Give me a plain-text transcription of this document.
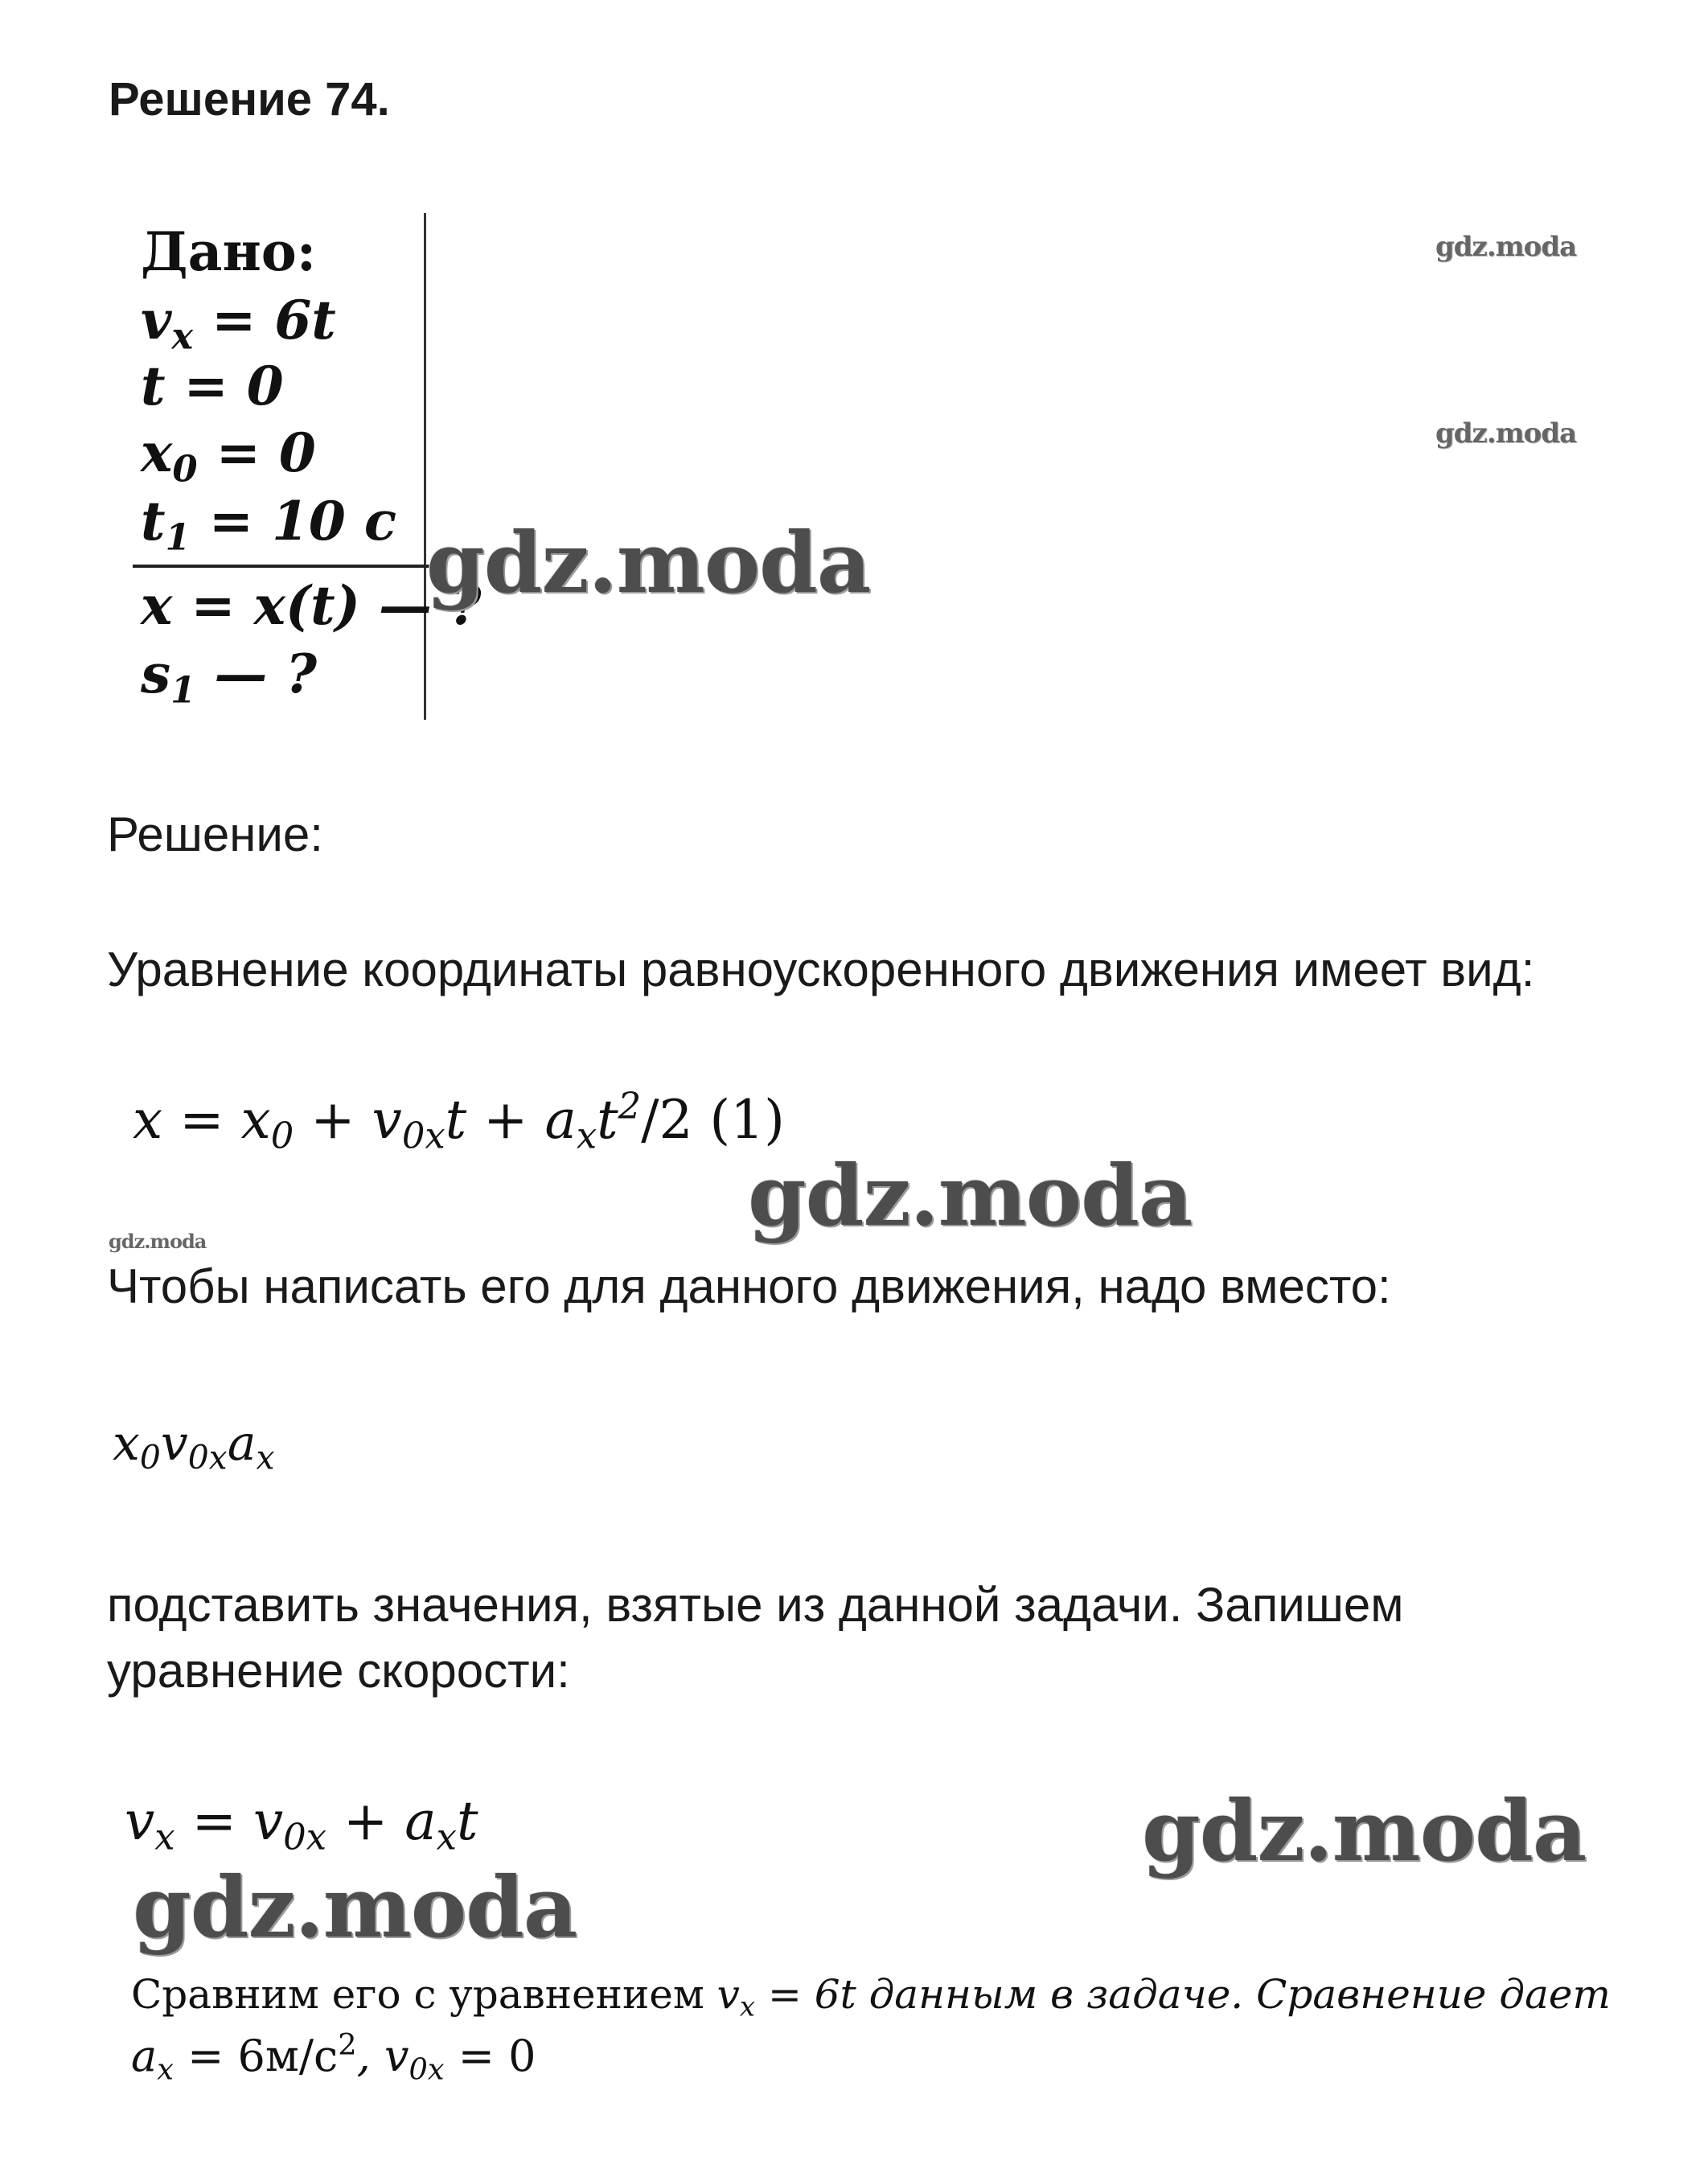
Решение 74.
Дано:
$v_x = 6t$
t = 0
$x_0 = 0$
$t_1 = 10$ с
x = x(t) — ?
$s_1$ — ?
Решение:
Уравнение координаты равноускоренного движения имеет вид:
$x = x_0 + v_{0x}t + a_xt^2/2$ (1)
Чтобы написать его для данного движения, надо вместо:
$x_0v_{0x}a_x$
подставить значения, взятые из данной задачи. Запишем
уравнение скорости:
$v_x = v_{0x} + a_xt$
Сравним его с уравнением $v_x = 6t$ данным в задаче. Сравнение дает
$a_x = 6м/с^2$, $v_{0x} = 0$
gdz.moda
gdz.moda
gdz.moda
gdz.moda
gdz.moda
gdz.moda
gdz.moda
